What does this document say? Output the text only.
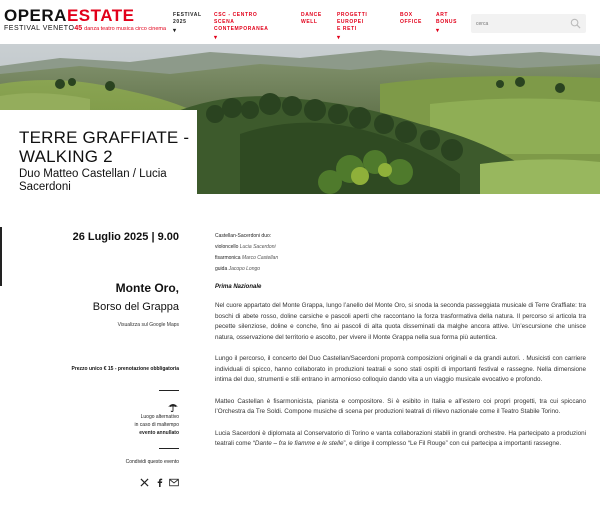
OPERAESTATE
FESTIVAL VENETO45 danza teatro musica circo cinema
FESTIVAL
2025
▾
CSC - CENTRO SCENA
CONTEMPORANEA
▾
DANCE
WELL
PROGETTI
EUROPEI E RETI
▾
BOX
OFFICE
ART
BONUS
▾
cerca
TERRE GRAFFIATE - WALKING 2
Duo Matteo Castellan / Lucia Sacerdoni
26 Luglio 2025 | 9.00
Monte Oro,
Borso del Grappa
Visualizza sul Google Maps
Prezzo unico € 15 - prenotazione obbligatoria
Luogo alternativo
in caso di maltempo
evento annullato
Condividi questo evento
Castellan-Sacerdoni duo:
violoncello Lucia Sacerdoni
fisarmonica Marco Castellan
guida Jacopo Longo
Prima Nazionale

Nel cuore appartato del Monte Grappa, lungo l’anello del Monte Oro, si snoda la seconda passeggiata musicale di Terre Graffiate: tra boschi di abete rosso, doline carsiche e pascoli aperti che raccontano la forza trasformativa della natura. Il percorso si articola tra pecette silenziose, doline e conche, fino ai pascoli di alta quota disseminati da malghe ancora attive. Un’escursione che unisce natura, osservazione del territorio e ascolto, per vivere il Monte Grappa nella sua forma più autentica.

Lungo il percorso, il concerto del Duo Castellan/Sacerdoni proporrà composizioni originali e da grandi autori. . Musicisti con carriere individuali di spicco, hanno collaborato in produzioni teatrali e sono stati ospiti di importanti festival e rassegne. Nella dimensione intima del duo, strumenti e stili entrano in armonioso colloquio dando vita a un viaggio musicale evocativo e profondo.

Matteo Castellan è fisarmonicista, pianista e compositore. Si è esibito in Italia e all’estero coi propri progetti, tra cui spiccano l’Orchestra da Tre Soldi. Compone musiche di scena per produzioni teatrali di rilievo nazionale come il Teatro Stabile Torino.

Lucia Sacerdoni è diplomata al Conservatorio di Torino e vanta collaborazioni stabili in grandi orchestre. Ha partecipato a produzioni teatrali come “Dante – fra le fiamme e le stelle”, e dirige il complesso “Le Fil Rouge” con cui partecipa a importanti rassegne.
